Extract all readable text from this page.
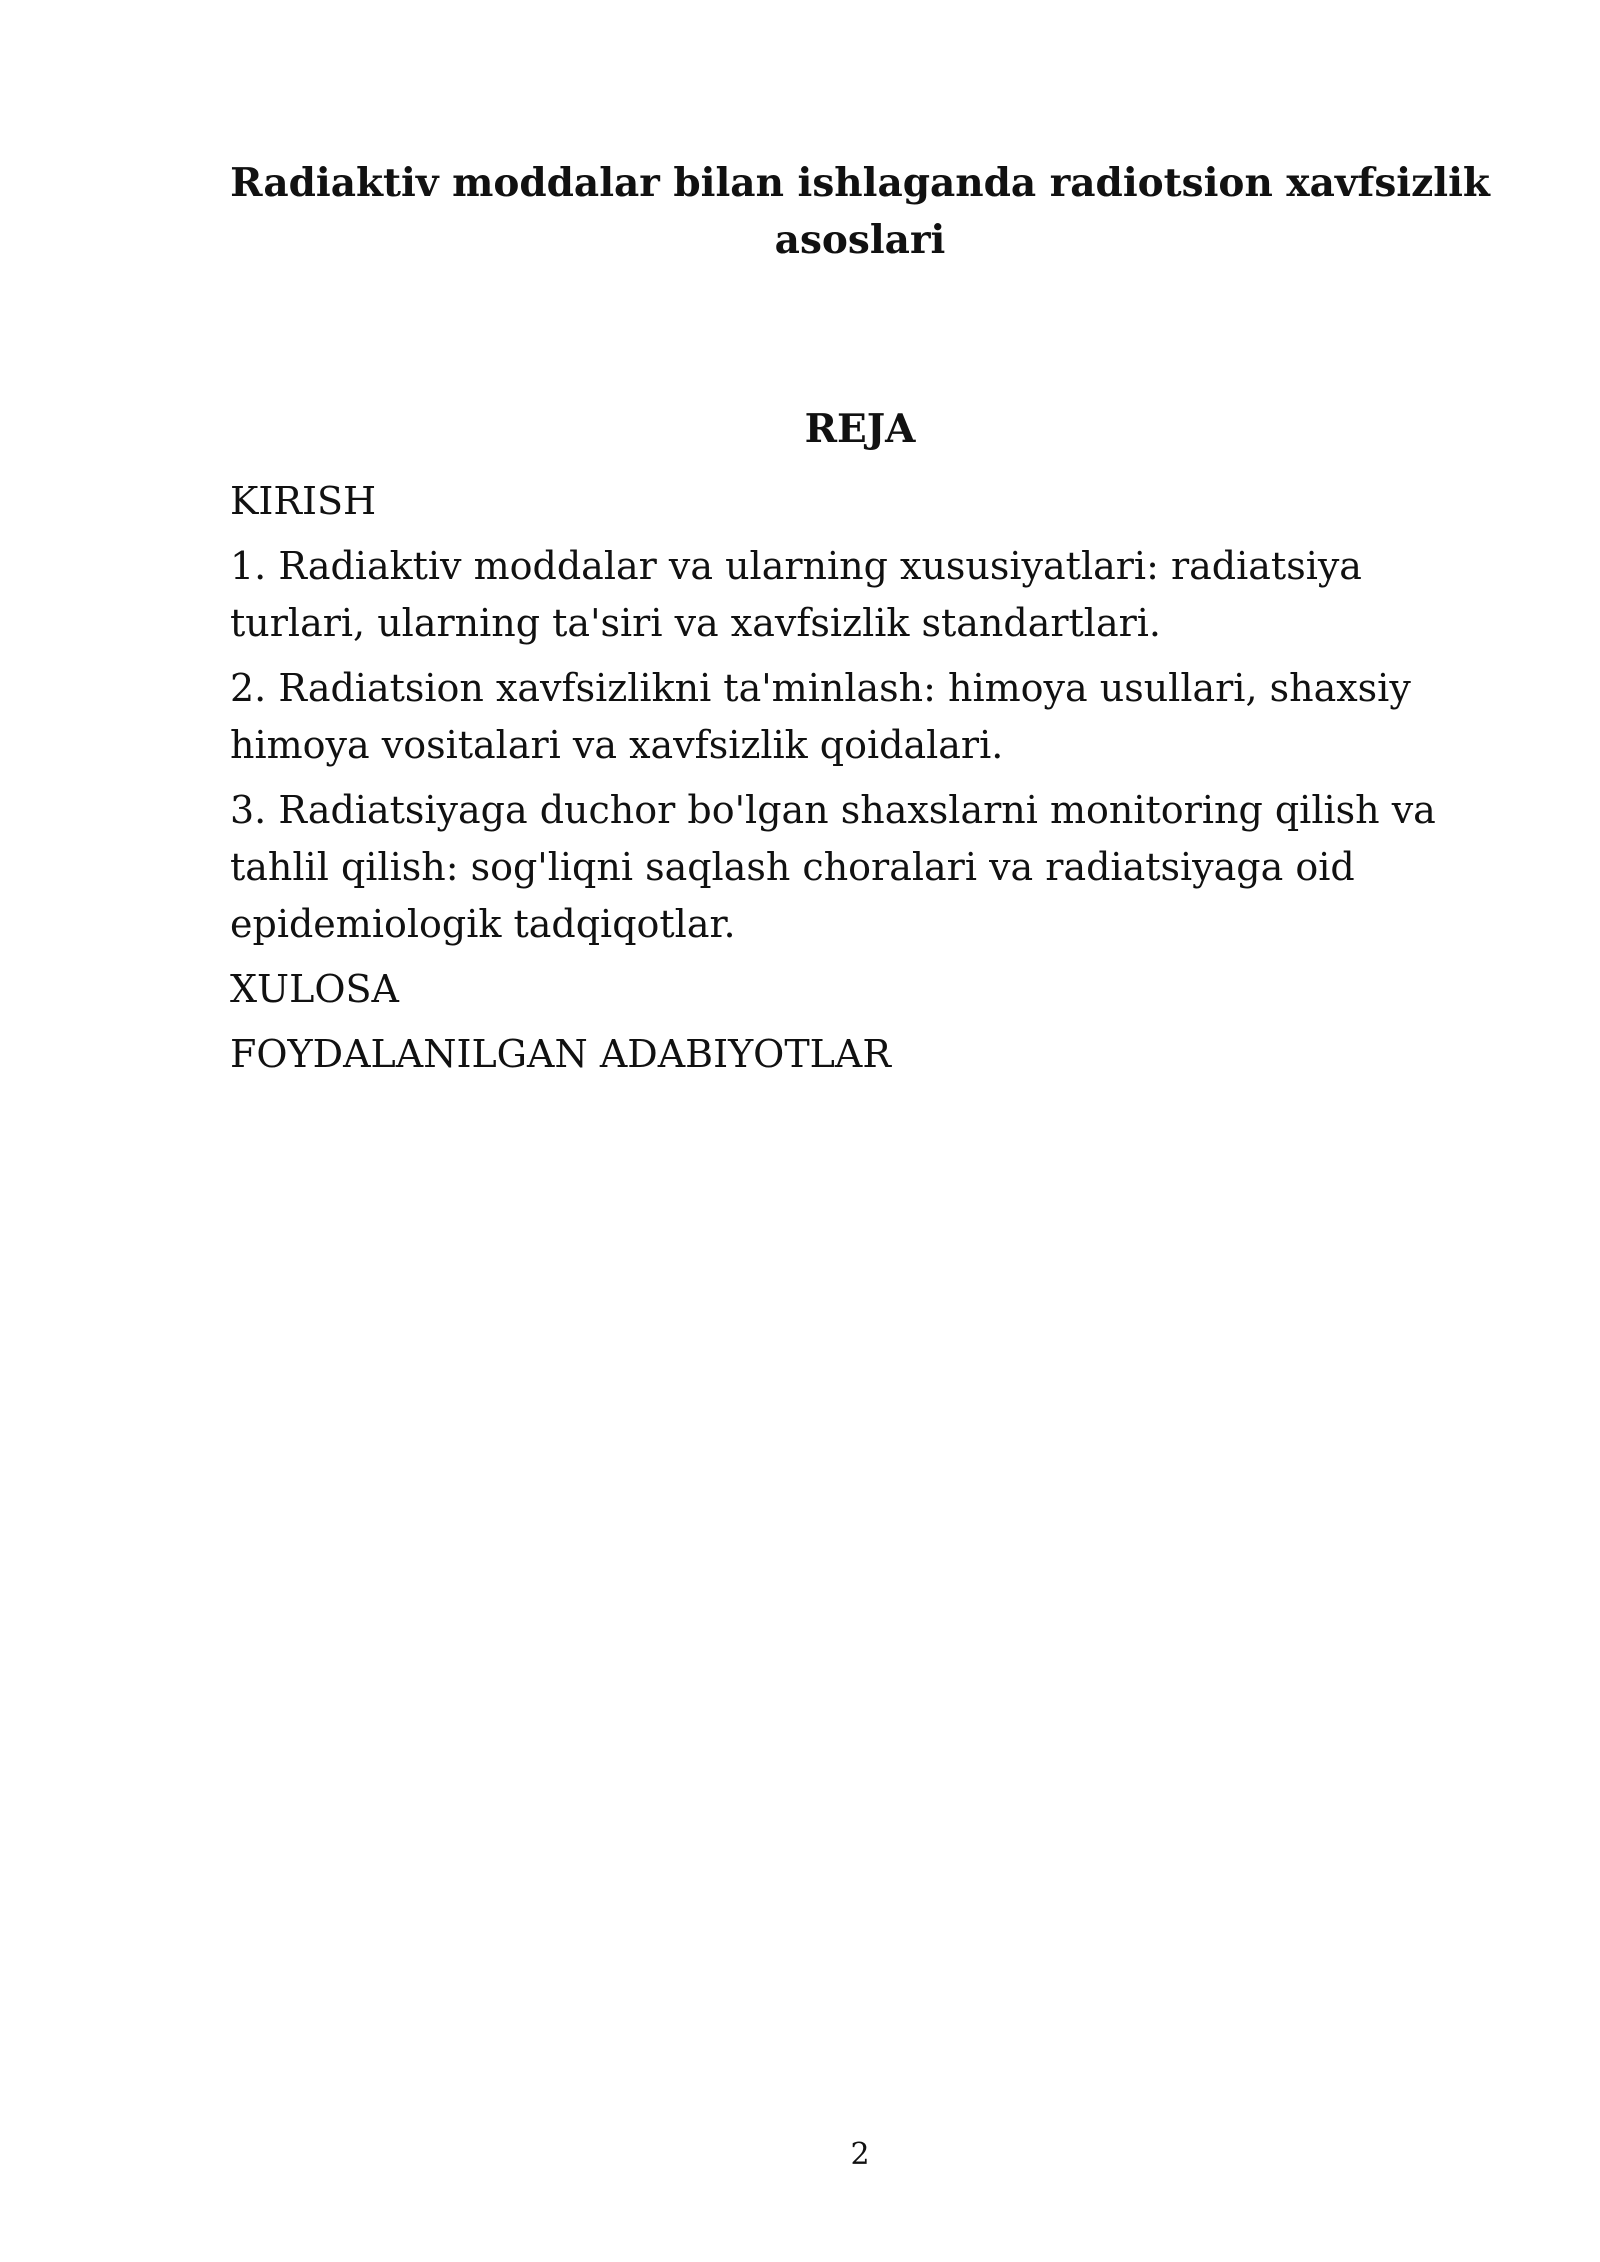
Radiaktiv moddalar bilan ishlaganda radiotsion xavfsizlik asoslari
REJA
KIRISH
1. Radiaktiv moddalar va ularning xususiyatlari: radiatsiya turlari, ularning ta'siri va xavfsizlik standartlari.
2. Radiatsion xavfsizlikni ta'minlash: himoya usullari, shaxsiy himoya vositalari va xavfsizlik qoidalari.
3. Radiatsiyaga duchor bo'lgan shaxslarni monitoring qilish va tahlil qilish: sog'liqni saqlash choralari va radiatsiyaga oid epidemiologik tadqiqotlar.
XULOSA
FOYDALANILGAN ADABIYOTLAR
2
